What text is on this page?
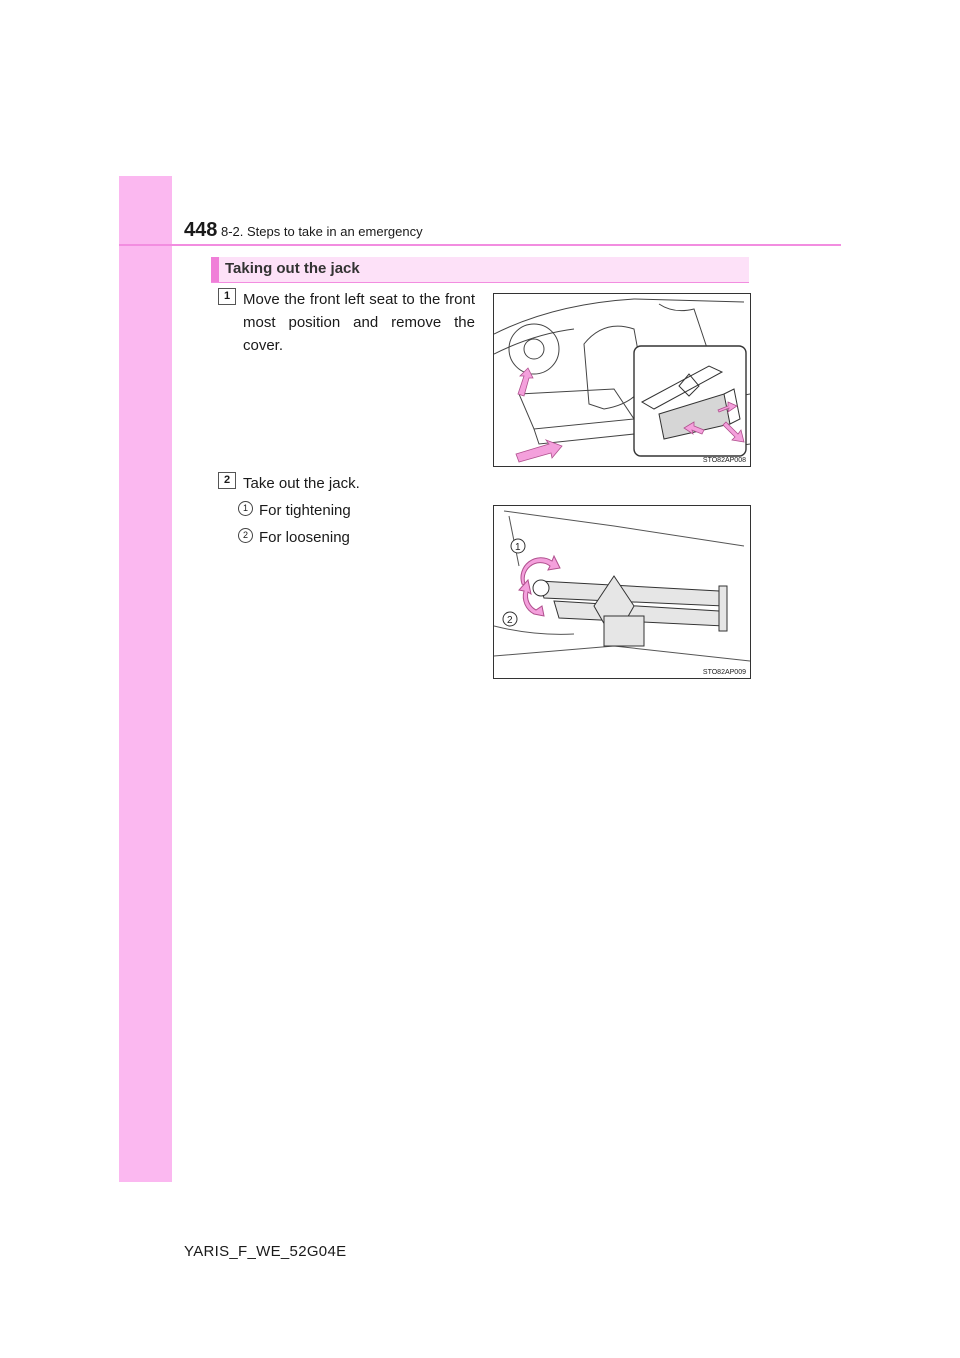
448 8-2. Steps to take in an emergency
Taking out the jack
1 Move the front left seat to the front most position and remove the cover.
STO82AP008
2 Take out the jack.
1 For tightening
2 For loosening
1
2
STO82AP009
YARIS_F_WE_52G04E
